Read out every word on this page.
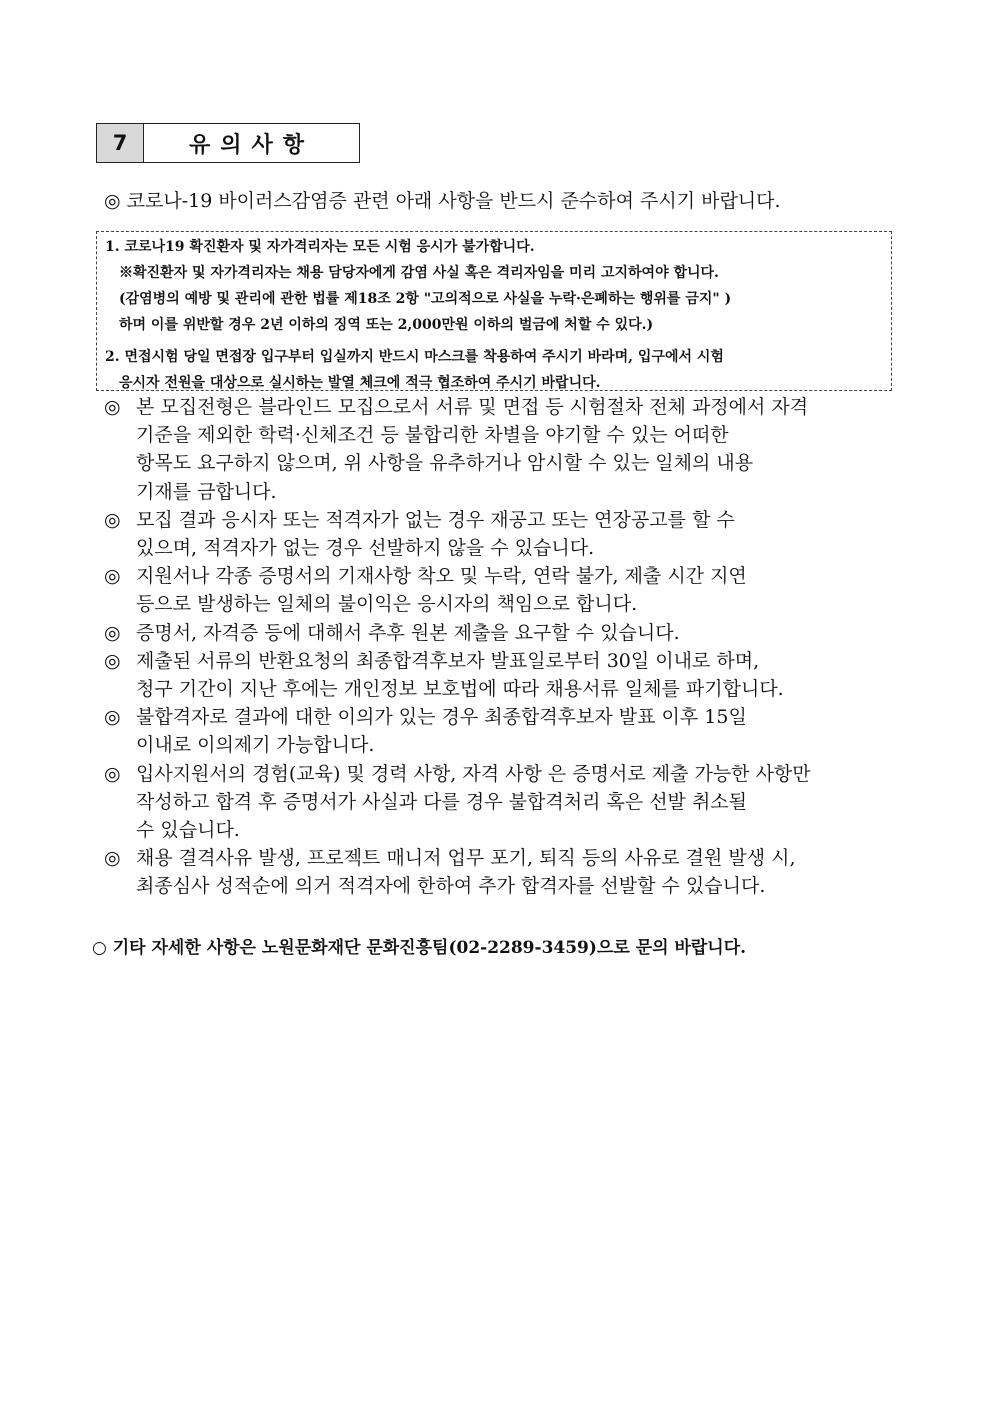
7	유의사항
◎ 코로나-19 바이러스감염증 관련 아래 사항을 반드시 준수하여 주시기 바랍니다.
1. 코로나19 확진환자 및 자가격리자는 모든 시험 응시가 불가합니다.
※확진환자 및 자가격리자는 채용 담당자에게 감염 사실 혹은 격리자임을 미리 고지하여야 합니다.
(감염병의 예방 및 관리에 관한 법률 제18조 2항 "고의적으로 사실을 누락·은폐하는 행위를 금지" )
하며 이를 위반할 경우 2년 이하의 징역 또는 2,000만원 이하의 벌금에 처할 수 있다.)
2. 면접시험 당일 면접장 입구부터 입실까지 반드시 마스크를 착용하여 주시기 바라며, 입구에서 시험
응시자 전원을 대상으로 실시하는 발열 체크에 적극 협조하여 주시기 바랍니다.
◎ 본 모집전형은 블라인드 모집으로서 서류 및 면접 등 시험절차 전체 과정에서 자격
기준을 제외한 학력·신체조건 등 불합리한 차별을 야기할 수 있는 어떠한
항목도 요구하지 않으며, 위 사항을 유추하거나 암시할 수 있는 일체의 내용
기재를 금합니다.
◎ 모집 결과 응시자 또는 적격자가 없는 경우 재공고 또는 연장공고를 할 수
있으며, 적격자가 없는 경우 선발하지 않을 수 있습니다.
◎ 지원서나 각종 증명서의 기재사항 착오 및 누락, 연락 불가, 제출 시간 지연
등으로 발생하는 일체의 불이익은 응시자의 책임으로 합니다.
◎ 증명서, 자격증 등에 대해서 추후 원본 제출을 요구할 수 있습니다.
◎ 제출된 서류의 반환요청의 최종합격후보자 발표일로부터 30일 이내로 하며,
청구 기간이 지난 후에는 개인정보 보호법에 따라 채용서류 일체를 파기합니다.
◎ 불합격자로 결과에 대한 이의가 있는 경우 최종합격후보자 발표 이후 15일
이내로 이의제기 가능합니다.
◎ 입사지원서의 경험(교육) 및 경력 사항, 자격 사항 은 증명서로 제출 가능한 사항만
작성하고 합격 후 증명서가 사실과 다를 경우 불합격처리 혹은 선발 취소될
수 있습니다.
◎ 채용 결격사유 발생, 프로젝트 매니저 업무 포기, 퇴직 등의 사유로 결원 발생 시,
최종심사 성적순에 의거 적격자에 한하여 추가 합격자를 선발할 수 있습니다.
○ 기타 자세한 사항은 노원문화재단 문화진흥팀(02-2289-3459)으로 문의 바랍니다.
